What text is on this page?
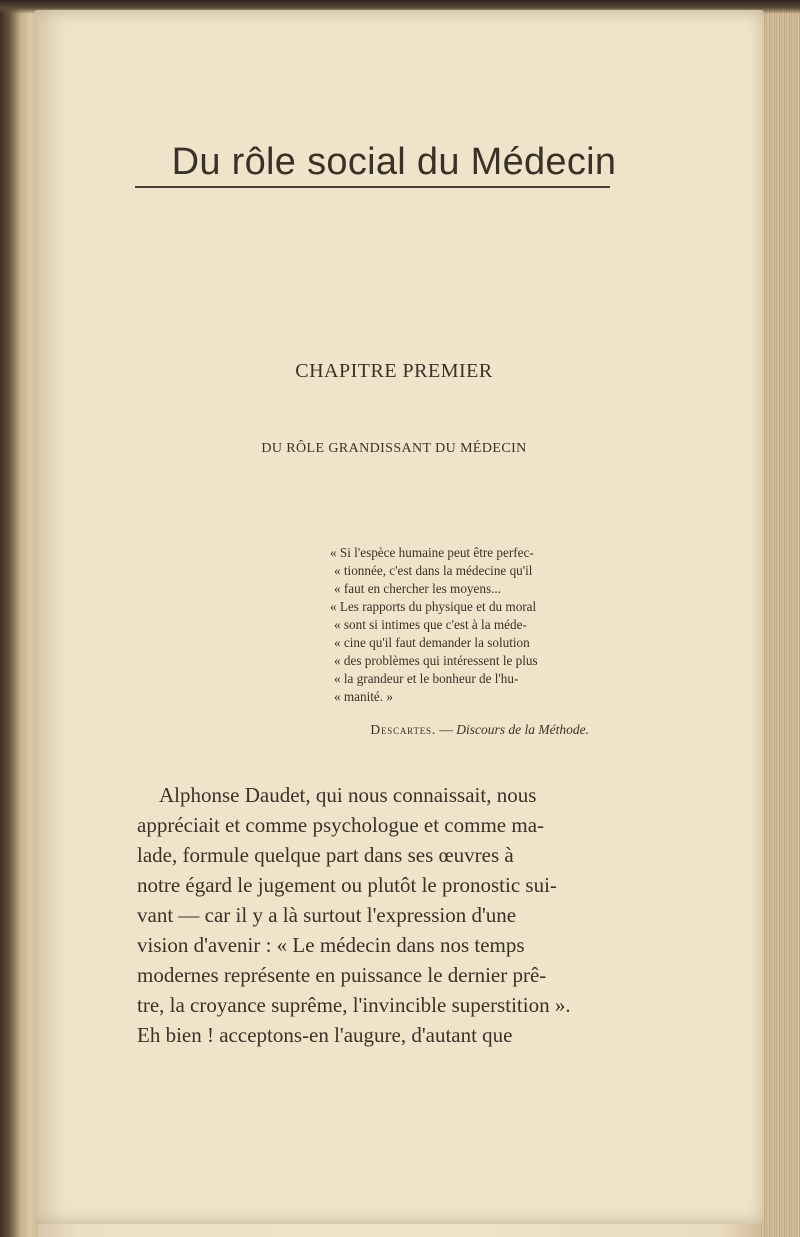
Du rôle social du Médecin
CHAPITRE PREMIER
DU RÔLE GRANDISSANT DU MÉDECIN
« Si l'espèce humaine peut être perfec-
« tionnée, c'est dans la médecine qu'il
« faut en chercher les moyens...
« Les rapports du physique et du moral
« sont si intimes que c'est à la méde-
« cine qu'il faut demander la solution
« des problèmes qui intéressent le plus
« la grandeur et le bonheur de l'hu-
« manité. »
Descartes. — Discours de la Méthode.
Alphonse Daudet, qui nous connaissait, nous
appréciait et comme psychologue et comme ma-
lade, formule quelque part dans ses œuvres à
notre égard le jugement ou plutôt le pronostic sui-
vant — car il y a là surtout l'expression d'une
vision d'avenir : « Le médecin dans nos temps
modernes représente en puissance le dernier prê-
tre, la croyance suprême, l'invincible superstition ».
Eh bien ! acceptons-en l'augure, d'autant que
